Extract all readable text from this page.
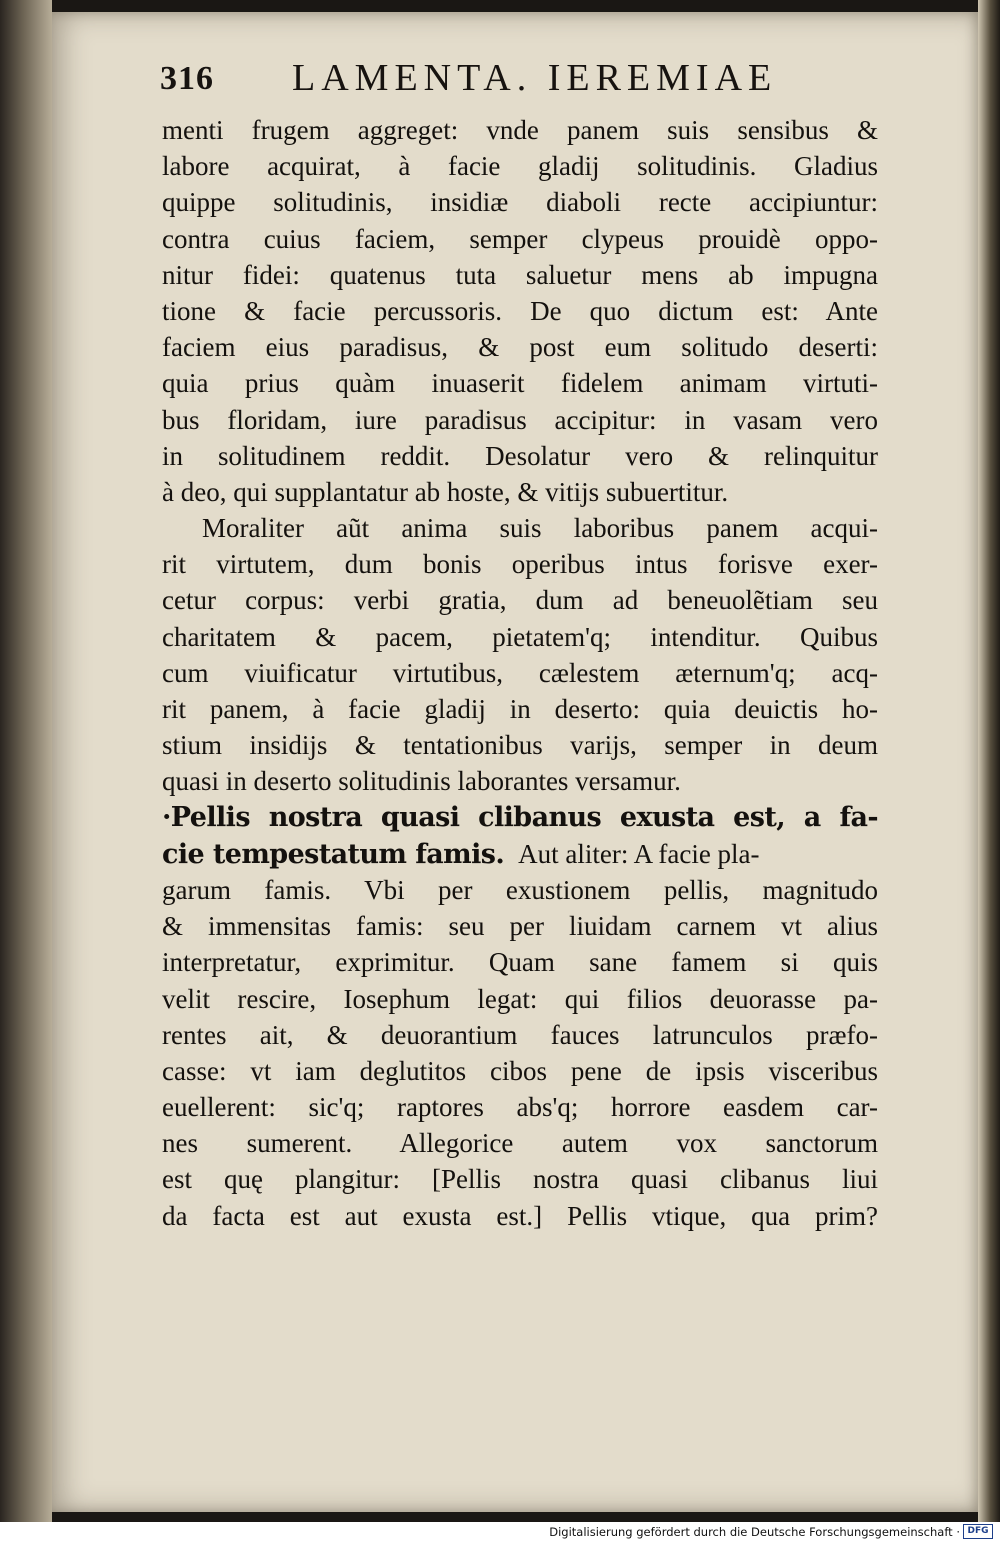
316 LAMENTA. IEREMIAE
menti frugem aggreget: vnde panem suis sensibus &
labore acquirat, à facie gladij solitudinis. Gladius
quippe solitudinis, insidiæ diaboli recte accipiuntur:
contra cuius faciem, semper clypeus prouidè oppo-
nitur fidei: quatenus tuta saluetur mens ab impugna
tione & facie percussoris. De quo dictum est: Ante
faciem eius paradisus, & post eum solitudo deserti:
quia prius quàm inuaserit fidelem animam virtuti-
bus floridam, iure paradisus accipitur: in vasam vero
in solitudinem reddit. Desolatur vero & relinquitur
à deo, qui supplantatur ab hoste, & vitijs subuertitur.
Moraliter aũt anima suis laboribus panem acqui-
rit virtutem, dum bonis operibus intus forisve exer-
cetur corpus: verbi gratia, dum ad beneuolẽtiam seu
charitatem & pacem, pietatem'q; intenditur. Quibus
cum viuificatur virtutibus, cælestem æternum'q; acq-
rit panem, à facie gladij in deserto: quia deuictis ho-
stium insidijs & tentationibus varijs, semper in deum
quasi in deserto solitudinis laborantes versamur.
·Pellis nostra quasi clibanus exusta est, a fa-
cie tempestatum famis. Aut aliter: A facie pla-
garum famis. Vbi per exustionem pellis, magnitudo
& immensitas famis: seu per liuidam carnem vt alius
interpretatur, exprimitur. Quam sane famem si quis
velit rescire, Iosephum legat: qui filios deuorasse pa-
rentes ait, & deuorantium fauces latrunculos præfo-
casse: vt iam deglutitos cibos pene de ipsis visceribus
euellerent: sic'q; raptores abs'q; horrore easdem car-
nes sumerent. Allegorice autem vox sanctorum
est quę plangitur: [Pellis nostra quasi clibanus liui
da facta est aut exusta est.] Pellis vtique, qua prim?
Digitalisierung gefördert durch die Deutsche Forschungsgemeinschaft · DFG
